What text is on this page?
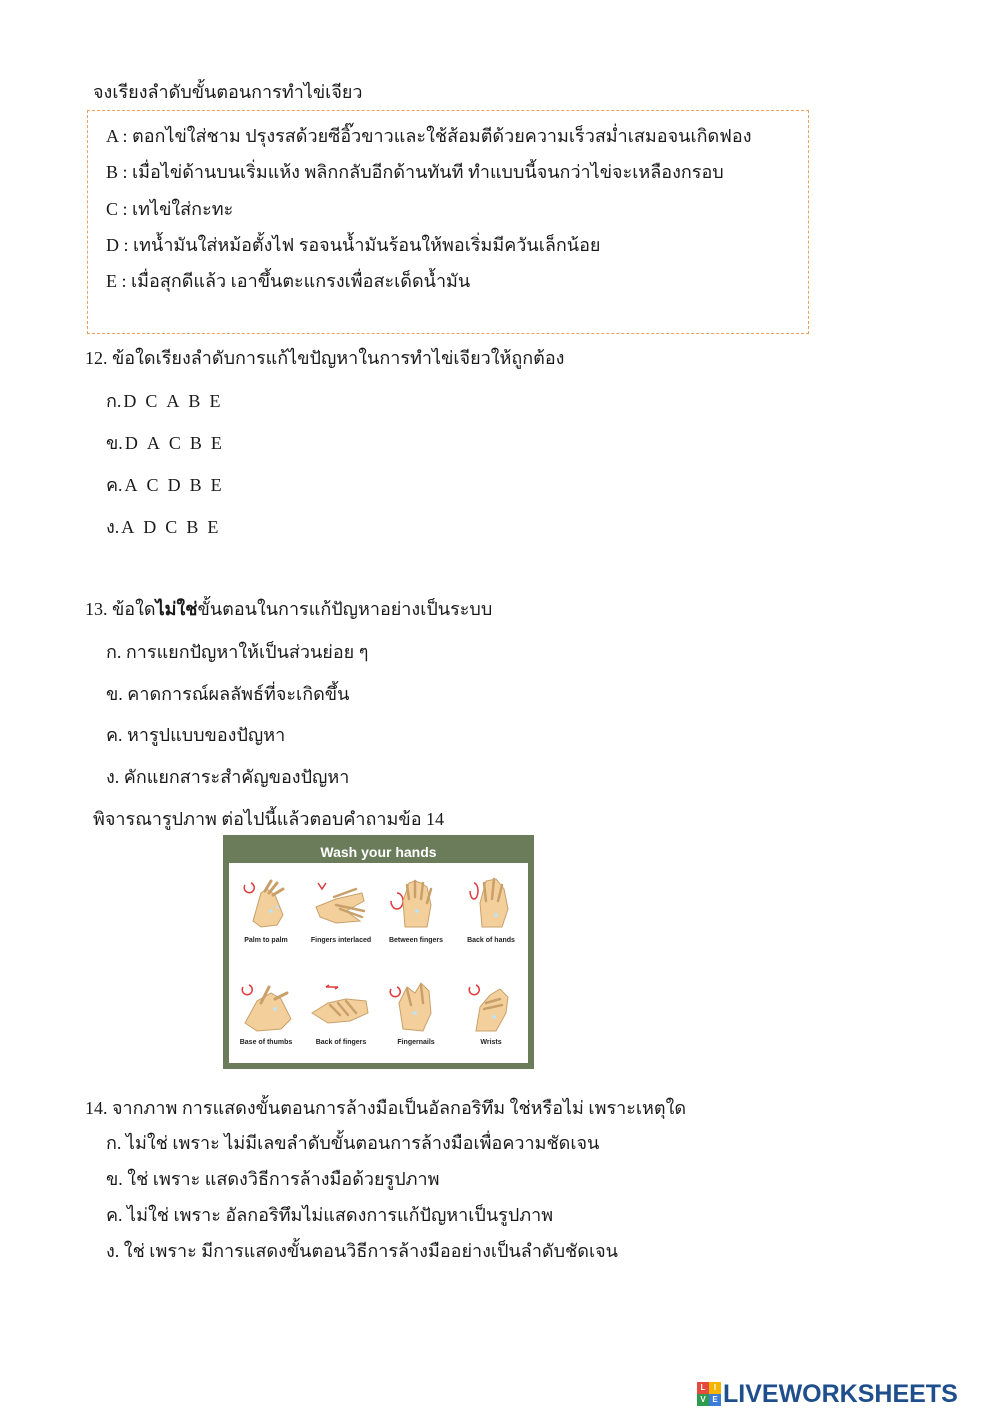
จงเรียงลำดับขั้นตอนการทำไข่เจียว
A : ตอกไข่ใส่ชาม ปรุงรสด้วยซีอิ๊วขาวและใช้ส้อมตีด้วยความเร็วสม่ำเสมอจนเกิดฟอง
B : เมื่อไข่ด้านบนเริ่มแห้ง พลิกกลับอีกด้านทันที ทำแบบนี้จนกว่าไข่จะเหลืองกรอบ
C : เทไข่ใส่กะทะ
D : เทน้ำมันใส่หม้อตั้งไฟ รอจนน้ำมันร้อนให้พอเริ่มมีควันเล็กน้อย
E : เมื่อสุกดีแล้ว เอาขึ้นตะแกรงเพื่อสะเด็ดน้ำมัน
12. ข้อใดเรียงลำดับการแก้ไขปัญหาในการทำไข่เจียวให้ถูกต้อง
ก. D C A B E
ข. D A C B E
ค. A C D B E
ง. A D C B E
13. ข้อใดไม่ใช่ขั้นตอนในการแก้ปัญหาอย่างเป็นระบบ
ก. การแยกปัญหาให้เป็นส่วนย่อย ๆ
ข. คาดการณ์ผลลัพธ์ที่จะเกิดขึ้น
ค. หารูปแบบของปัญหา
ง. คักแยกสาระสำคัญของปัญหา
พิจารณารูปภาพ ต่อไปนี้แล้วตอบคำถามข้อ 14
Wash your hands
Palm to palm	Fingers interlaced	Between fingers	Back of hands
Base of thumbs	Back of fingers	Fingernails	Wrists
14. จากภาพ การแสดงขั้นตอนการล้างมือเป็นอัลกอริทึม ใช่หรือไม่ เพราะเหตุใด
ก. ไม่ใช่ เพราะ ไม่มีเลขลำดับขั้นตอนการล้างมือเพื่อความชัดเจน
ข. ใช่ เพราะ แสดงวิธีการล้างมือด้วยรูปภาพ
ค. ไม่ใช่ เพราะ อัลกอริทึมไม่แสดงการแก้ปัญหาเป็นรูปภาพ
ง. ใช่ เพราะ มีการแสดงขั้นตอนวิธีการล้างมืออย่างเป็นลำดับชัดเจน
L	I
V E LIVEWORKSHEETS
